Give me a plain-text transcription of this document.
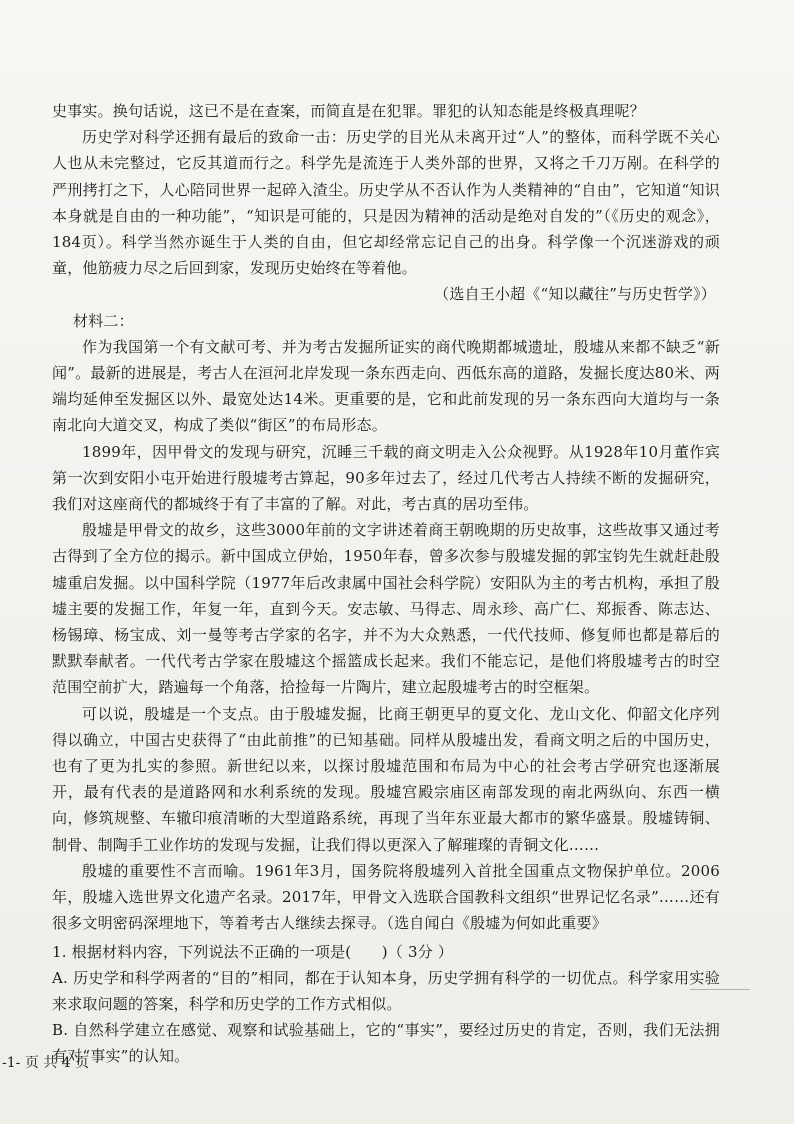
史事实。换句话说，这已不是在查案，而简直是在犯罪。罪犯的认知态能是终极真理呢？

历史学对科学还拥有最后的致命一击：历史学的目光从未离开过“人”的整体，而科学既不关心人也从未完整过，它反其道而行之。科学先是流连于人类外部的世界，又将之千刀万剐。在科学的严刑拷打之下，人心陪同世界一起碎入渣尘。历史学从不否认作为人类精神的“自由”，它知道“知识本身就是自由的一种功能”，“知识是可能的，只是因为精神的活动是绝对自发的”（《历史的观念》，184页）。科学当然亦诞生于人类的自由，但它却经常忘记自己的出身。科学像一个沉迷游戏的顽童，他筋疲力尽之后回到家，发现历史始终在等着他。

（选自王小超《“知以藏往”与历史哲学》）

材料二：

作为我国第一个有文献可考、并为考古发掘所证实的商代晚期都城遗址，殷墟从来都不缺乏“新闻”。最新的进展是，考古人在洹河北岸发现一条东西走向、西低东高的道路，发掘长度达80米、两端均延伸至发掘区以外、最宽处达14米。更重要的是，它和此前发现的另一条东西向大道均与一条南北向大道交叉，构成了类似“街区”的布局形态。

1899年，因甲骨文的发现与研究，沉睡三千载的商文明走入公众视野。从1928年10月董作宾第一次到安阳小屯开始进行殷墟考古算起，90多年过去了，经过几代考古人持续不断的发掘研究，我们对这座商代的都城终于有了丰富的了解。对此，考古真的居功至伟。

殷墟是甲骨文的故乡，这些3000年前的文字讲述着商王朝晚期的历史故事，这些故事又通过考古得到了全方位的揭示。新中国成立伊始，1950年春，曾多次参与殷墟发掘的郭宝钧先生就赶赴殷墟重启发掘。以中国科学院（1977年后改隶属中国社会科学院）安阳队为主的考古机构，承担了殷墟主要的发掘工作，年复一年，直到今天。安志敏、马得志、周永珍、高广仁、郑振香、陈志达、杨锡璋、杨宝成、刘一曼等考古学家的名字，并不为大众熟悉，一代代技师、修复师也都是幕后的默默奉献者。一代代考古学家在殷墟这个摇篮成长起来。我们不能忘记，是他们将殷墟考古的时空范围空前扩大，踏遍每一个角落，拾捡每一片陶片，建立起殷墟考古的时空框架。

可以说，殷墟是一个支点。由于殷墟发掘，比商王朝更早的夏文化、龙山文化、仰韶文化序列得以确立，中国古史获得了“由此前推”的已知基础。同样从殷墟出发，看商文明之后的中国历史，也有了更为扎实的参照。新世纪以来，以探讨殷墟范围和布局为中心的社会考古学研究也逐渐展开，最有代表的是道路网和水利系统的发现。殷墟宫殿宗庙区南部发现的南北两纵向、东西一横向，修筑规整、车辙印痕清晰的大型道路系统，再现了当年东亚最大都市的繁华盛景。殷墟铸铜、制骨、制陶手工业作坊的发现与发掘，让我们得以更深入了解璀璨的青铜文化……

殷墟的重要性不言而喻。1961年3月，国务院将殷墟列入首批全国重点文物保护单位。2006年，殷墟入选世界文化遗产名录。2017年，甲骨文入选联合国教科文组织“世界记忆名录”……还有很多文明密码深埋地下，等着考古人继续去探寻。（选自闻白《殷墟为何如此重要》

1. 根据材料内容，下列说法不正确的一项是(　　)（ 3分 ）

A. 历史学和科学两者的“目的”相同，都在于认知本身，历史学拥有科学的一切优点。科学家用实验来求取问题的答案，科学和历史学的工作方式相似。

B. 自然科学建立在感觉、观察和试验基础上，它的“事实”，要经过历史的肯定，否则，我们无法拥有对“事实”的认知。

-1- 页 共 4 页
